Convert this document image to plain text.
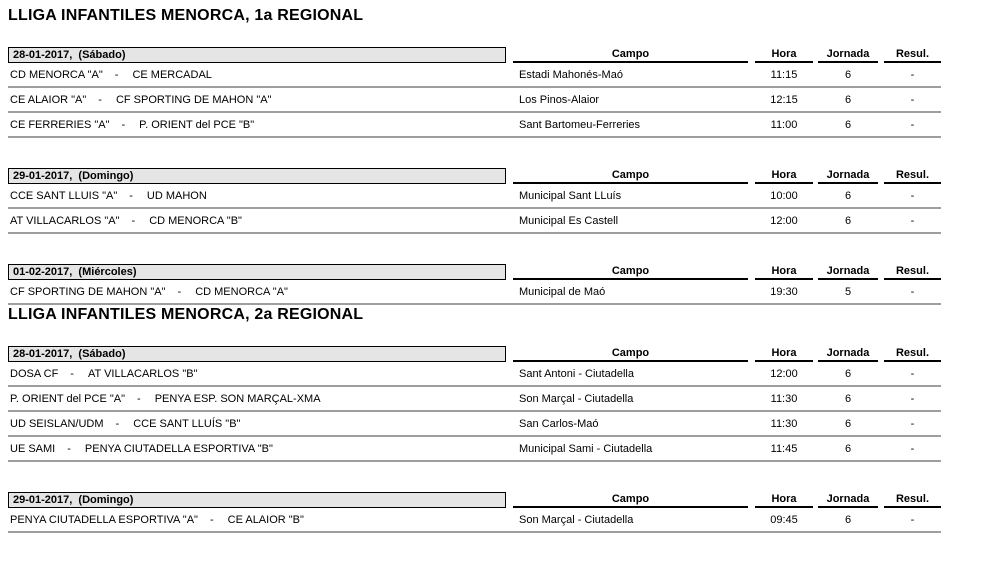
LLIGA INFANTILES MENORCA, 1a REGIONAL
28-01-2017,  (Sábado)	Campo	Hora	Jornada	Resul.
CD MENORCA "A" - CE MERCADAL	Estadi Mahonés-Maó	11:15	6	-
CE ALAIOR "A" - CF SPORTING DE MAHON "A"	Los Pinos-Alaior	12:15	6	-
CE FERRERIES "A" - P. ORIENT del PCE "B"	Sant Bartomeu-Ferreries	11:00	6	-
29-01-2017,  (Domingo)	Campo	Hora	Jornada	Resul.
CCE SANT LLUIS "A" - UD MAHON	Municipal Sant LLuís	10:00	6	-
AT VILLACARLOS "A" - CD MENORCA "B"	Municipal Es Castell	12:00	6	-
01-02-2017,  (Miércoles)	Campo	Hora	Jornada	Resul.
CF SPORTING DE MAHON "A" - CD MENORCA "A"	Municipal de Maó	19:30	5	-
LLIGA INFANTILES MENORCA, 2a REGIONAL
28-01-2017,  (Sábado)	Campo	Hora	Jornada	Resul.
DOSA CF - AT VILLACARLOS "B"	Sant Antoni - Ciutadella	12:00	6	-
P. ORIENT del PCE "A" - PENYA ESP. SON MARÇAL-XMA	Son Marçal - Ciutadella	11:30	6	-
UD SEISLAN/UDM - CCE SANT LLUÍS "B"	San Carlos-Maó	11:30	6	-
UE SAMI - PENYA CIUTADELLA ESPORTIVA "B"	Municipal Sami - Ciutadella	11:45	6	-
29-01-2017,  (Domingo)	Campo	Hora	Jornada	Resul.
PENYA CIUTADELLA ESPORTIVA "A" - CE ALAIOR "B"	Son Marçal - Ciutadella	09:45	6	-
